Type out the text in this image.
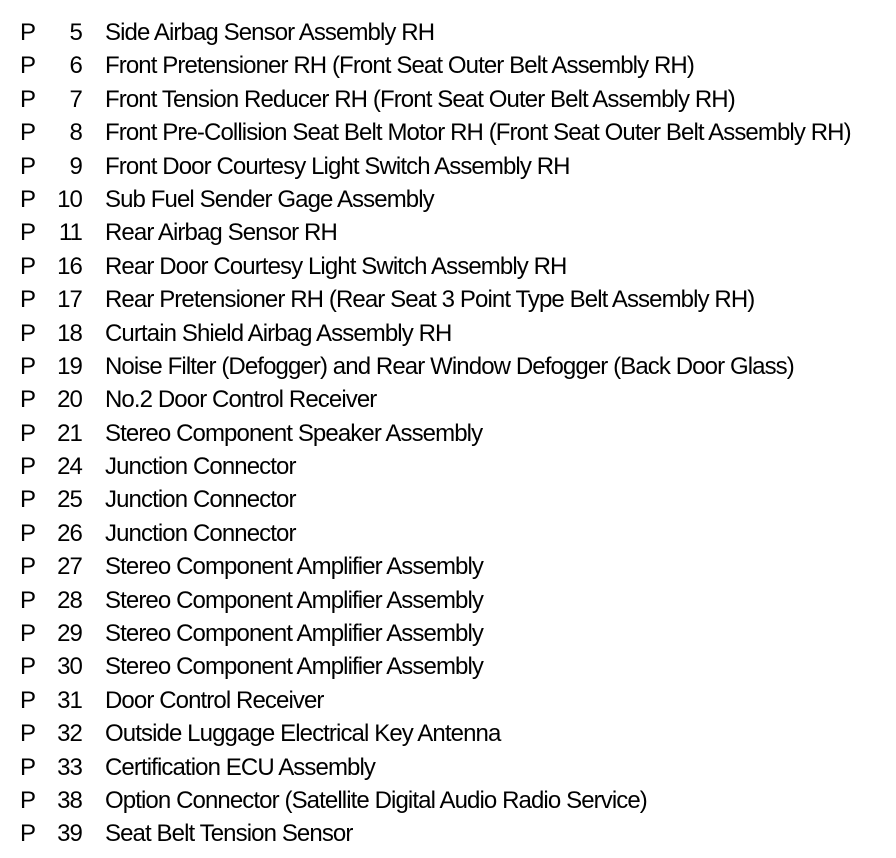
P	5 Side Airbag Sensor Assembly RH
P	6 Front Pretensioner RH (Front Seat Outer Belt Assembly RH)
P	7 Front Tension Reducer RH (Front Seat Outer Belt Assembly RH)
P	8 Front Pre-Collision Seat Belt Motor RH (Front Seat Outer Belt Assembly RH)
P	9 Front Door Courtesy Light Switch Assembly RH
P 10 Sub Fuel Sender Gage Assembly
P 11 Rear Airbag Sensor RH
P 16 Rear Door Courtesy Light Switch Assembly RH
P 17 Rear Pretensioner RH (Rear Seat 3 Point Type Belt Assembly RH)
P 18 Curtain Shield Airbag Assembly RH
P 19 Noise Filter (Defogger) and Rear Window Defogger (Back Door Glass)
P 20 No.2 Door Control Receiver
P 21 Stereo Component Speaker Assembly
P 24 Junction Connector
P 25 Junction Connector
P 26 Junction Connector
P 27 Stereo Component Amplifier Assembly
P 28 Stereo Component Amplifier Assembly
P 29 Stereo Component Amplifier Assembly
P 30 Stereo Component Amplifier Assembly
P 31 Door Control Receiver
P 32 Outside Luggage Electrical Key Antenna
P 33 Certification ECU Assembly
P 38 Option Connector (Satellite Digital Audio Radio Service)
P 39 Seat Belt Tension Sensor
